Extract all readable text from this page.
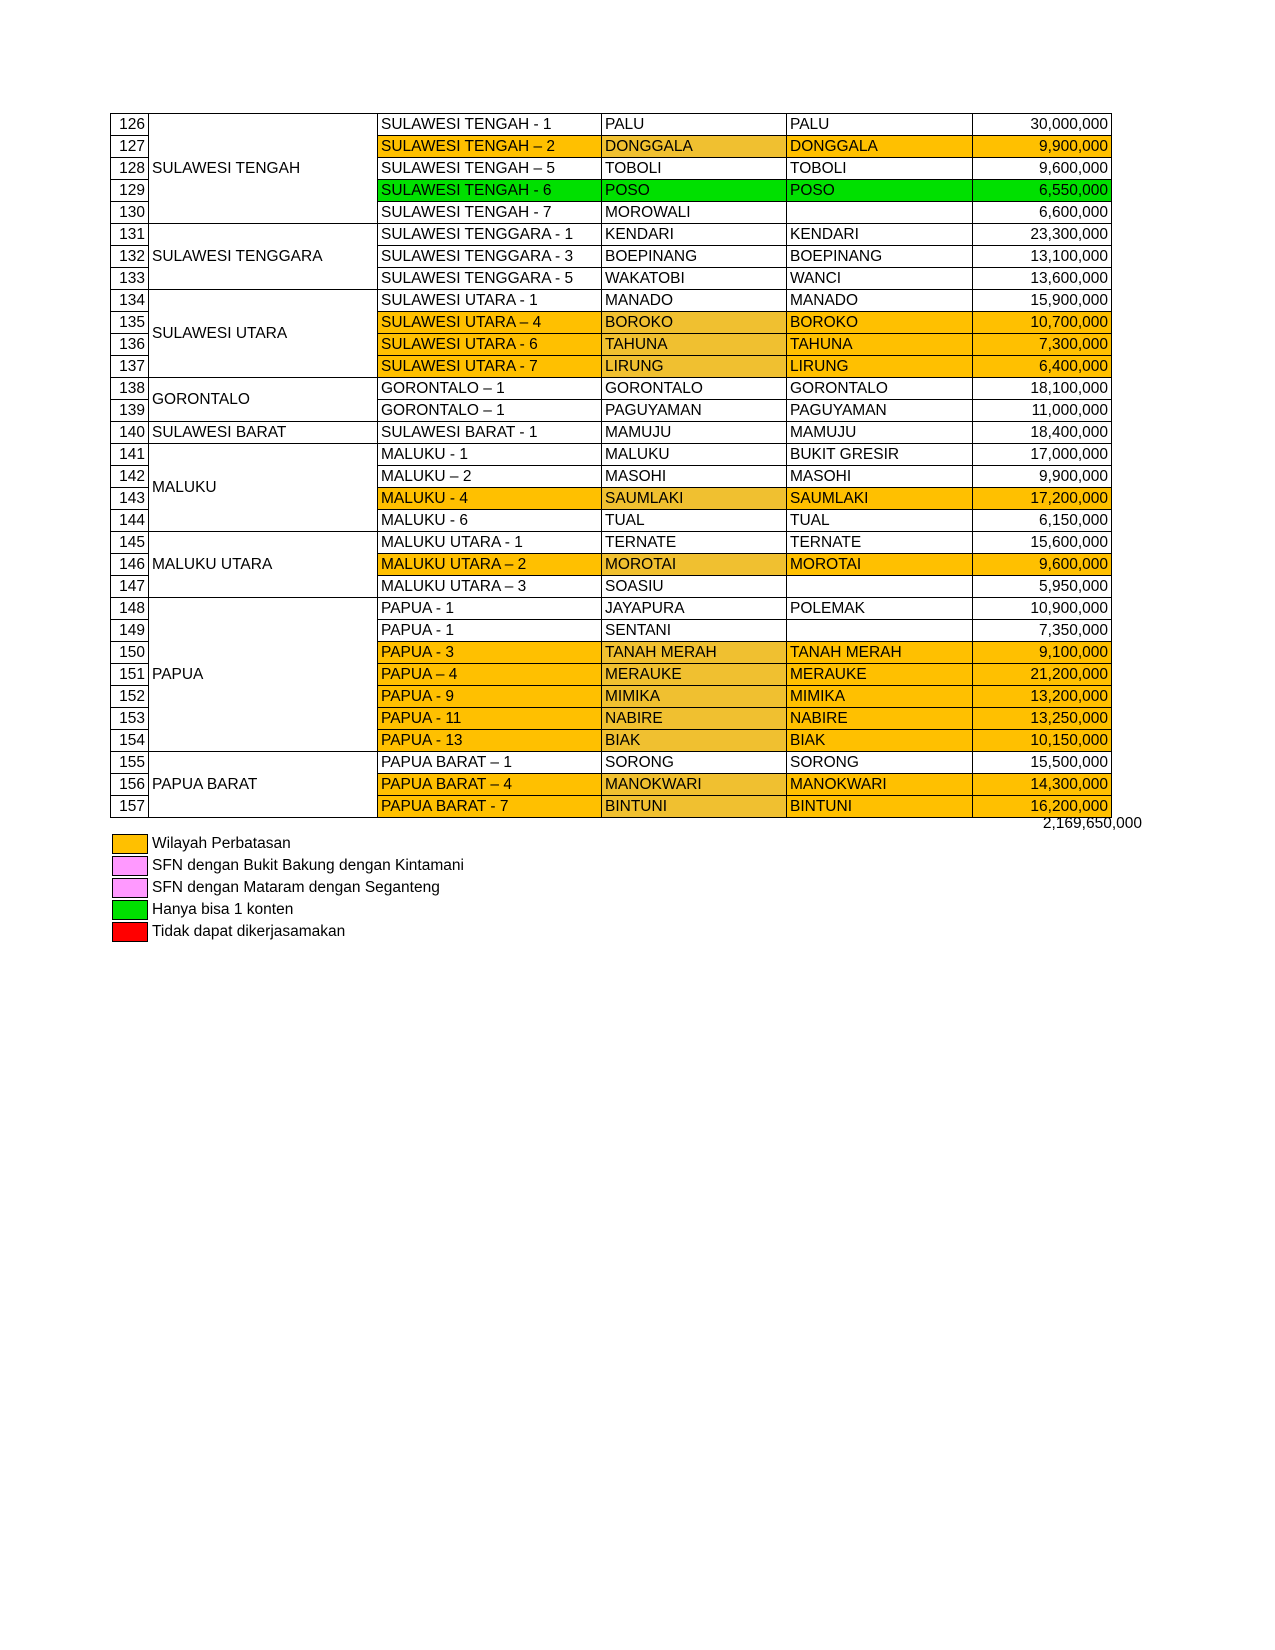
126	SULAWESI TENGAH	SULAWESI TENGAH - 1	PALU	PALU	30,000,000
127		SULAWESI TENGAH – 2	DONGGALA	DONGGALA	9,900,000
128		SULAWESI TENGAH – 5	TOBOLI	TOBOLI	9,600,000
129		SULAWESI TENGAH - 6	POSO	POSO	6,550,000
130		SULAWESI TENGAH - 7	MOROWALI		6,600,000
131	SULAWESI TENGGARA	SULAWESI TENGGARA - 1	KENDARI	KENDARI	23,300,000
132		SULAWESI TENGGARA - 3	BOEPINANG	BOEPINANG	13,100,000
133		SULAWESI TENGGARA - 5	WAKATOBI	WANCI	13,600,000
134	SULAWESI UTARA	SULAWESI UTARA - 1	MANADO	MANADO	15,900,000
135		SULAWESI UTARA – 4	BOROKO	BOROKO	10,700,000
136		SULAWESI UTARA - 6	TAHUNA	TAHUNA	7,300,000
137		SULAWESI UTARA - 7	LIRUNG	LIRUNG	6,400,000
138	GORONTALO	GORONTALO – 1	GORONTALO	GORONTALO	18,100,000
139		GORONTALO – 1	PAGUYAMAN	PAGUYAMAN	11,000,000
140	SULAWESI BARAT	SULAWESI BARAT - 1	MAMUJU	MAMUJU	18,400,000
141	MALUKU	MALUKU - 1	MALUKU	BUKIT GRESIR	17,000,000
142		MALUKU – 2	MASOHI	MASOHI	9,900,000
143		MALUKU - 4	SAUMLAKI	SAUMLAKI	17,200,000
144		MALUKU - 6	TUAL	TUAL	6,150,000
145	MALUKU UTARA	MALUKU UTARA - 1	TERNATE	TERNATE	15,600,000
146		MALUKU UTARA – 2	MOROTAI	MOROTAI	9,600,000
147		MALUKU UTARA – 3	SOASIU		5,950,000
148	PAPUA	PAPUA - 1	JAYAPURA	POLEMAK	10,900,000
149		PAPUA - 1	SENTANI		7,350,000
150		PAPUA - 3	TANAH MERAH	TANAH MERAH	9,100,000
151		PAPUA – 4	MERAUKE	MERAUKE	21,200,000
152		PAPUA - 9	MIMIKA	MIMIKA	13,200,000
153		PAPUA - 11	NABIRE	NABIRE	13,250,000
154		PAPUA - 13	BIAK	BIAK	10,150,000
155	PAPUA BARAT	PAPUA BARAT – 1	SORONG	SORONG	15,500,000
156		PAPUA BARAT – 4	MANOKWARI	MANOKWARI	14,300,000
157		PAPUA BARAT - 7	BINTUNI	BINTUNI	16,200,000
2,169,650,000
Wilayah Perbatasan
SFN dengan Bukit Bakung dengan Kintamani
SFN dengan Mataram dengan Seganteng
Hanya bisa 1 konten
Tidak dapat dikerjasamakan
